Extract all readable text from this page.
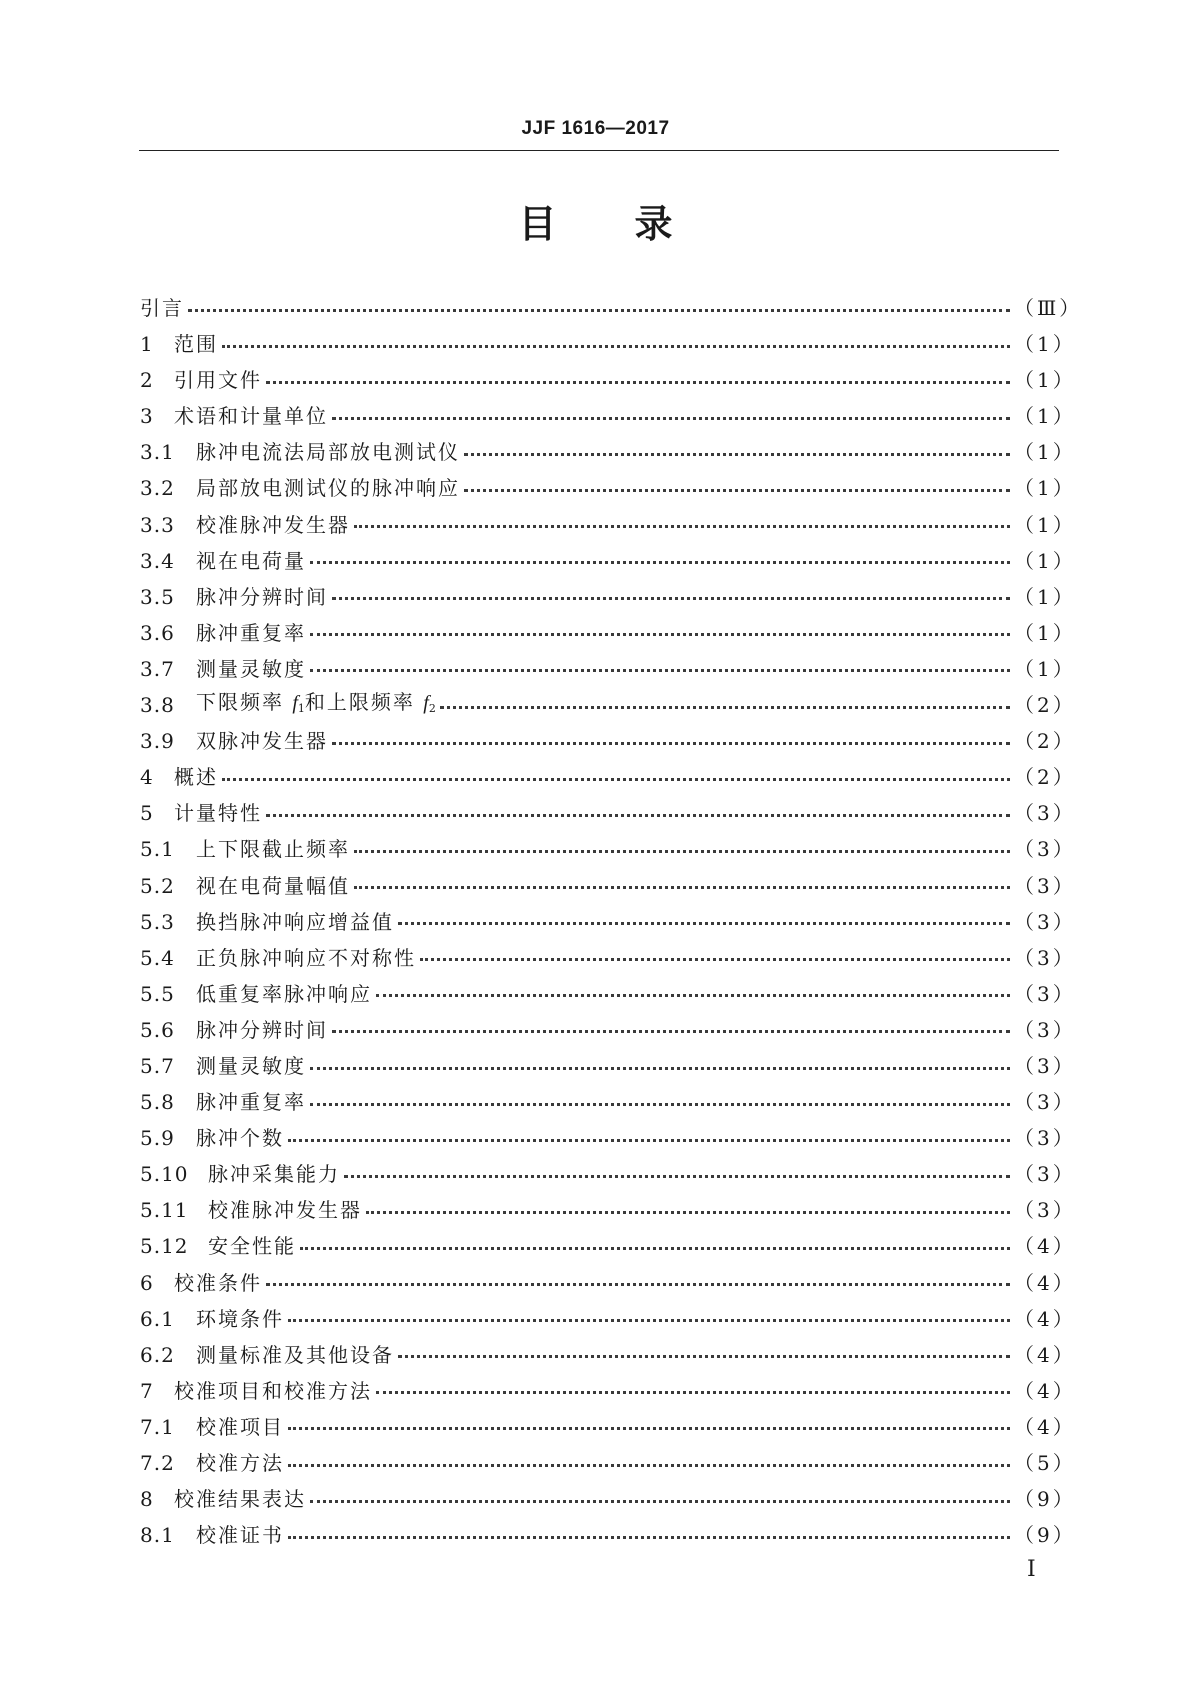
JJF 1616—2017
目 录
引言	（Ⅲ）
1	范围	（1）
2	引用文件	（1）
3	术语和计量单位	（1）
3.1	脉冲电流法局部放电测试仪	（1）
3.2	局部放电测试仪的脉冲响应	（1）
3.3	校准脉冲发生器	（1）
3.4	视在电荷量	（1）
3.5	脉冲分辨时间	（1）
3.6	脉冲重复率	（1）
3.7	测量灵敏度	（1）
3.8	下限频率 $f_1$和上限频率 $f_2$	（2）
3.9	双脉冲发生器	（2）
4	概述	（2）
5	计量特性	（3）
5.1	上下限截止频率	（3）
5.2	视在电荷量幅值	（3）
5.3	换挡脉冲响应增益值	（3）
5.4	正负脉冲响应不对称性	（3）
5.5	低重复率脉冲响应	（3）
5.6	脉冲分辨时间	（3）
5.7	测量灵敏度	（3）
5.8	脉冲重复率	（3）
5.9	脉冲个数	（3）
5.10 脉冲采集能力	（3）
5.11 校准脉冲发生器	（3）
5.12 安全性能	（4）
6	校准条件	（4）
6.1	环境条件	（4）
6.2	测量标准及其他设备	（4）
7	校准项目和校准方法	（4）
7.1	校准项目	（4）
7.2	校准方法	（5）
8	校准结果表达	（9）
8.1	校准证书	（9）
Ⅰ
